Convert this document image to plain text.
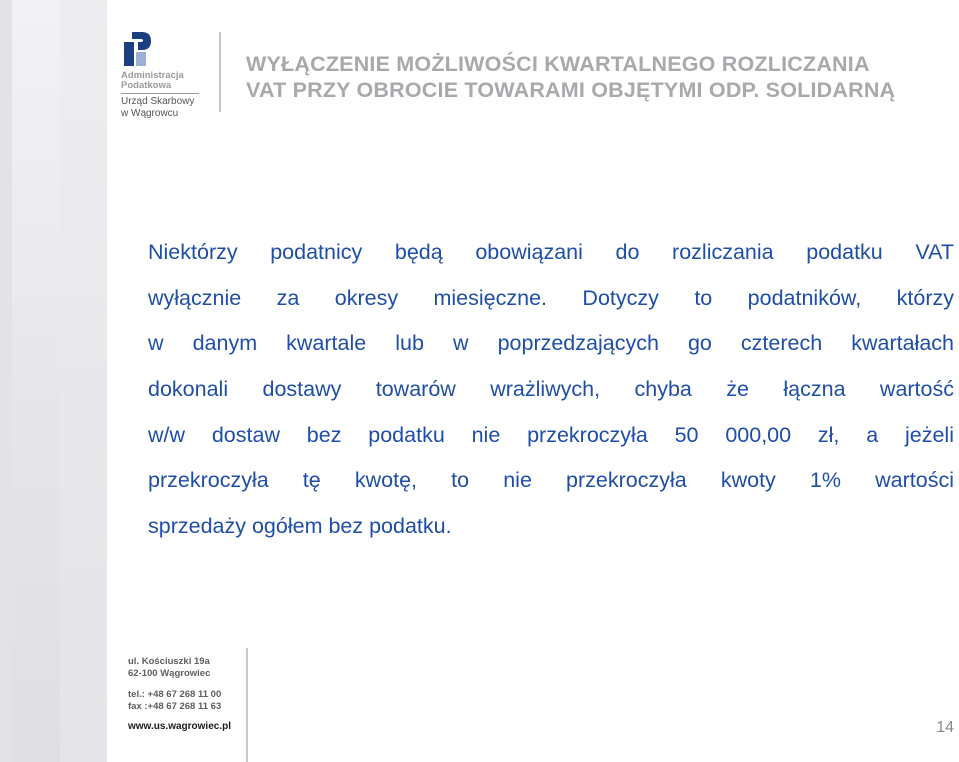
Administracja
Podatkowa
Urząd Skarbowy
w Wągrowcu
WYŁĄCZENIE MOŻLIWOŚCI KWARTALNEGO ROZLICZANIA
VAT PRZY OBROCIE TOWARAMI OBJĘTYMI ODP. SOLIDARNĄ
Niektórzy podatnicy będą obowiązani do rozliczania podatku VAT
wyłącznie za okresy miesięczne. Dotyczy to podatników, którzy
w danym kwartale lub w poprzedzających go czterech kwartałach
dokonali dostawy towarów wrażliwych, chyba że łączna wartość
w/w dostaw bez podatku nie przekroczyła 50 000,00 zł, a jeżeli
przekroczyła tę kwotę, to nie przekroczyła kwoty 1% wartości
sprzedaży ogółem bez podatku.
ul. Kościuszki 19a
62-100 Wągrowiec
tel.: +48 67 268 11 00
fax :+48 67 268 11 63
www.us.wagrowiec.pl	14
